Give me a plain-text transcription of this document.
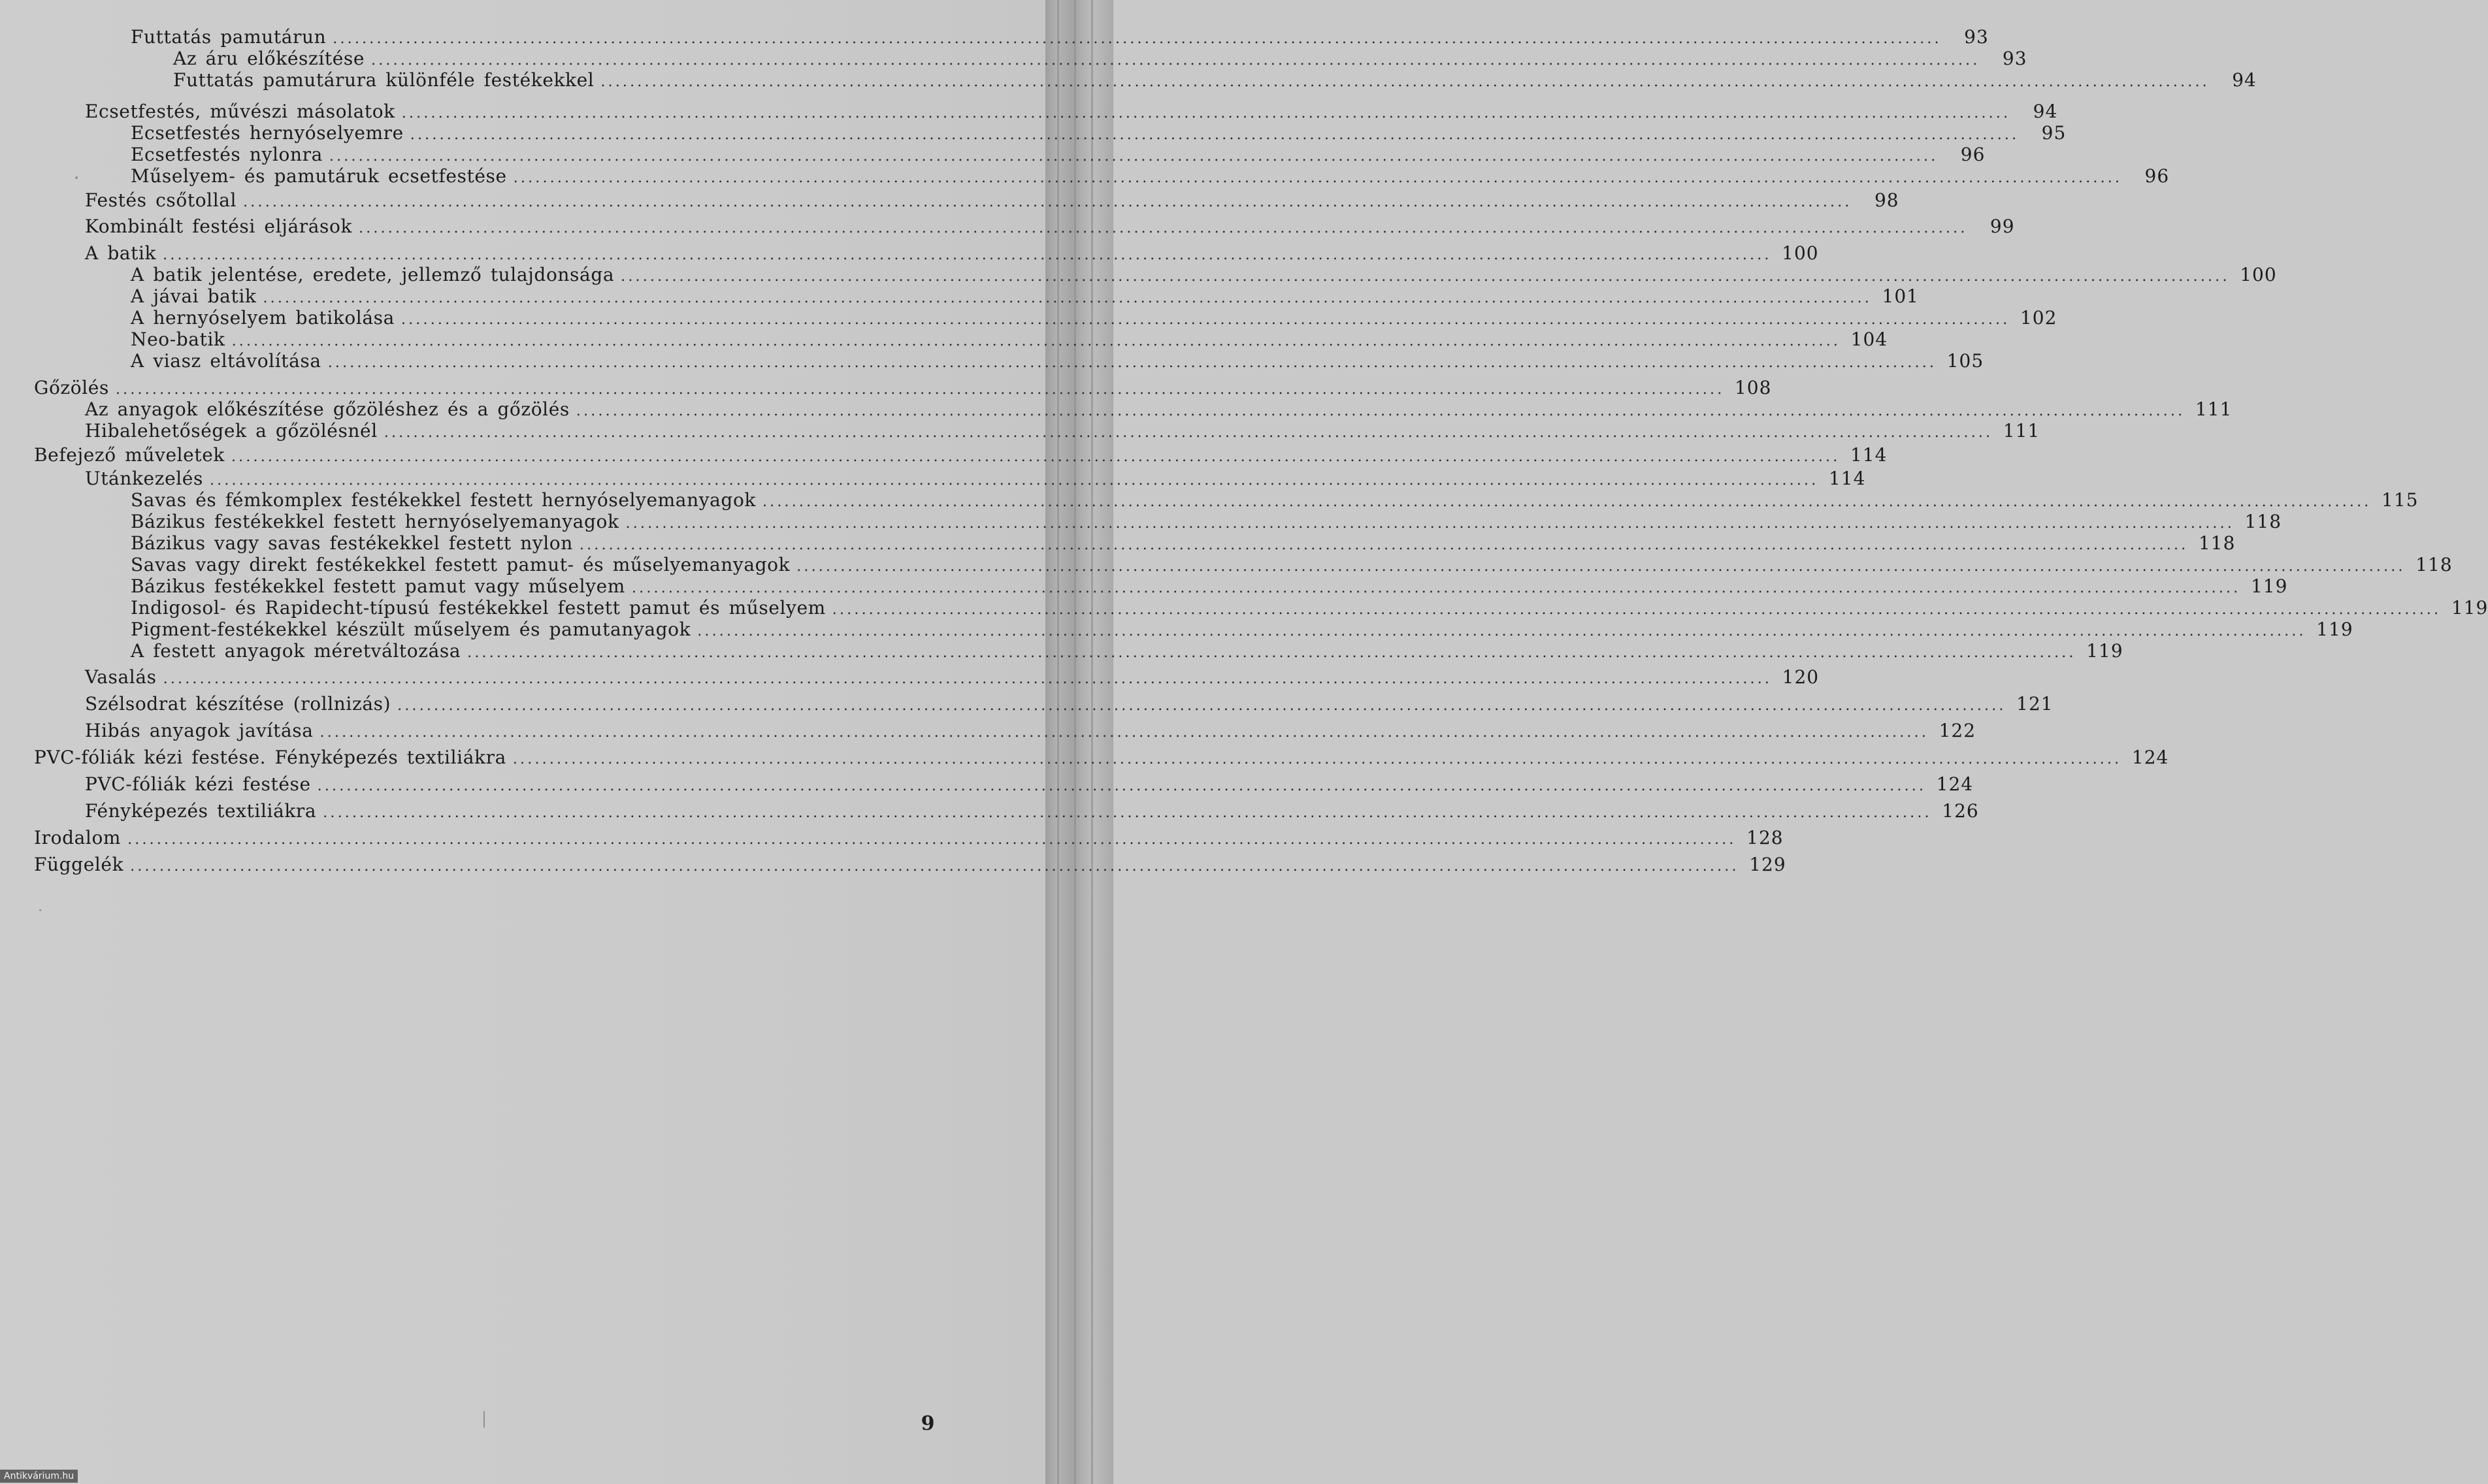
Futtatás pamutárun ............................................................................................................................................................................................................................	93
Az áru előkészítése ............................................................................................................................................................................................................................	93
Futtatás pamutárura különféle festékekkel ............................................................................................................................................................................................................................	94
Ecsetfestés, művészi másolatok ............................................................................................................................................................................................................................	94
Ecsetfestés hernyóselyemre ............................................................................................................................................................................................................................	95
Ecsetfestés nylonra ............................................................................................................................................................................................................................	96
Műselyem- és pamutáruk ecsetfestése ............................................................................................................................................................................................................................	96
Festés csőtollal ............................................................................................................................................................................................................................	98
Kombinált festési eljárások ............................................................................................................................................................................................................................	99
A batik ............................................................................................................................................................................................................................ 100
A batik jelentése, eredete, jellemző tulajdonsága ............................................................................................................................................................................................................................ 100
A jávai batik ............................................................................................................................................................................................................................ 101
A hernyóselyem batikolása ............................................................................................................................................................................................................................ 102
Neo-batik ............................................................................................................................................................................................................................ 104
A viasz eltávolítása ............................................................................................................................................................................................................................ 105
Gőzölés ............................................................................................................................................................................................................................ 108
Az anyagok előkészítése gőzöléshez és a gőzölés ............................................................................................................................................................................................................................ 111
Hibalehetőségek a gőzölésnél ............................................................................................................................................................................................................................ 111
Befejező műveletek ............................................................................................................................................................................................................................ 114
Utánkezelés ............................................................................................................................................................................................................................ 114
Savas és fémkomplex festékekkel festett hernyóselyemanyagok ............................................................................................................................................................................................................................ 115
Bázikus festékekkel festett hernyóselyemanyagok ............................................................................................................................................................................................................................ 118
Bázikus vagy savas festékekkel festett nylon ............................................................................................................................................................................................................................ 118
Savas vagy direkt festékekkel festett pamut- és műselyemanyagok ............................................................................................................................................................................................................................ 118
Bázikus festékekkel festett pamut vagy műselyem ............................................................................................................................................................................................................................ 119
Indigosol- és Rapidecht-típusú festékekkel festett pamut és műselyem ............................................................................................................................................................................................................................ 119
Pigment-festékekkel készült műselyem és pamutanyagok ............................................................................................................................................................................................................................ 119
A festett anyagok méretváltozása ............................................................................................................................................................................................................................ 119
Vasalás ............................................................................................................................................................................................................................ 120
Szélsodrat készítése (rollnizás) ............................................................................................................................................................................................................................ 121
Hibás anyagok javítása ............................................................................................................................................................................................................................ 122
PVC-fóliák kézi festése. Fényképezés textiliákra ............................................................................................................................................................................................................................ 124
PVC-fóliák kézi festése ............................................................................................................................................................................................................................ 124
Fényképezés textiliákra ............................................................................................................................................................................................................................ 126
Irodalom ............................................................................................................................................................................................................................ 128
Függelék ............................................................................................................................................................................................................................ 129
9
Antikvárium.hu
